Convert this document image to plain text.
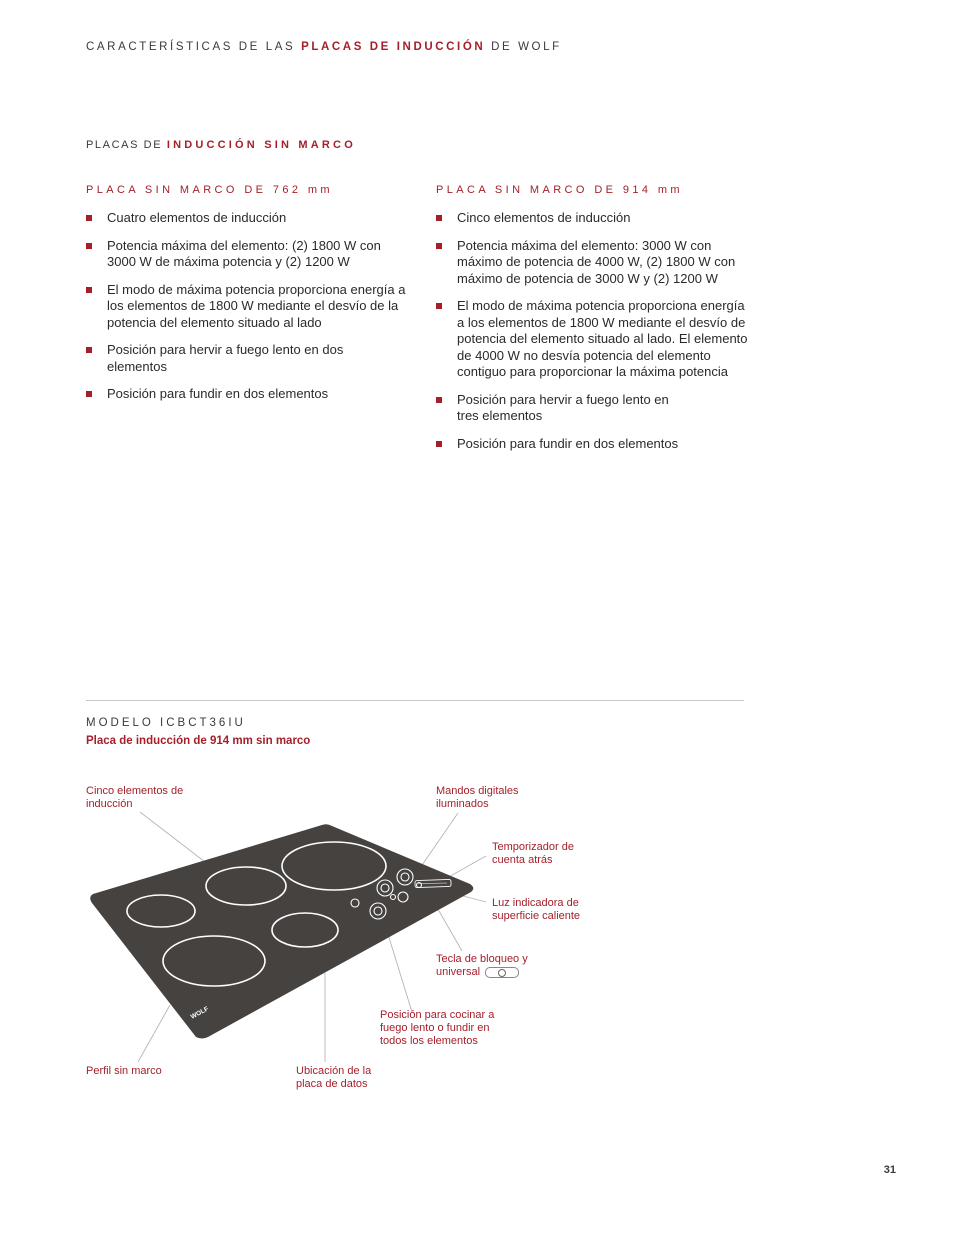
CARACTERÍSTICAS DE LAS PLACAS DE INDUCCIÓN DE WOLF
PLACAS DE INDUCCIÓN SIN MARCO
PLACA SIN MARCO DE 762 mm
Cuatro elementos de inducción
Potencia máxima del elemento: (2) 1800 W con 3000 W de máxima potencia y (2) 1200 W
El modo de máxima potencia proporciona energía a los elementos de 1800 W mediante el desvío de la potencia del elemento situado al lado
Posición para hervir a fuego lento en dos elementos
Posición para fundir en dos elementos
PLACA SIN MARCO DE 914 mm
Cinco elementos de inducción
Potencia máxima del elemento: 3000 W con máximo de potencia de 4000 W, (2) 1800 W con máximo de potencia de 3000 W y (2) 1200 W
El modo de máxima potencia proporciona energía a los elementos de 1800 W mediante el desvío de potencia del elemento situado al lado. El elemento de 4000 W no desvía potencia del elemento contiguo para proporcionar la máxima potencia
Posición para hervir a fuego lento en tres elementos
Posición para fundir en dos elementos
MODELO ICBCT36IU
Placa de inducción de 914 mm sin marco
WOLF
Cinco elementos de inducción
Mandos digitales iluminados
Temporizador de cuenta atrás
Luz indicadora de superficie caliente
Tecla de bloqueo y universal
Posición para cocinar a fuego lento o fundir en todos los elementos
Perfil sin marco	Ubicación de la placa de datos
31
